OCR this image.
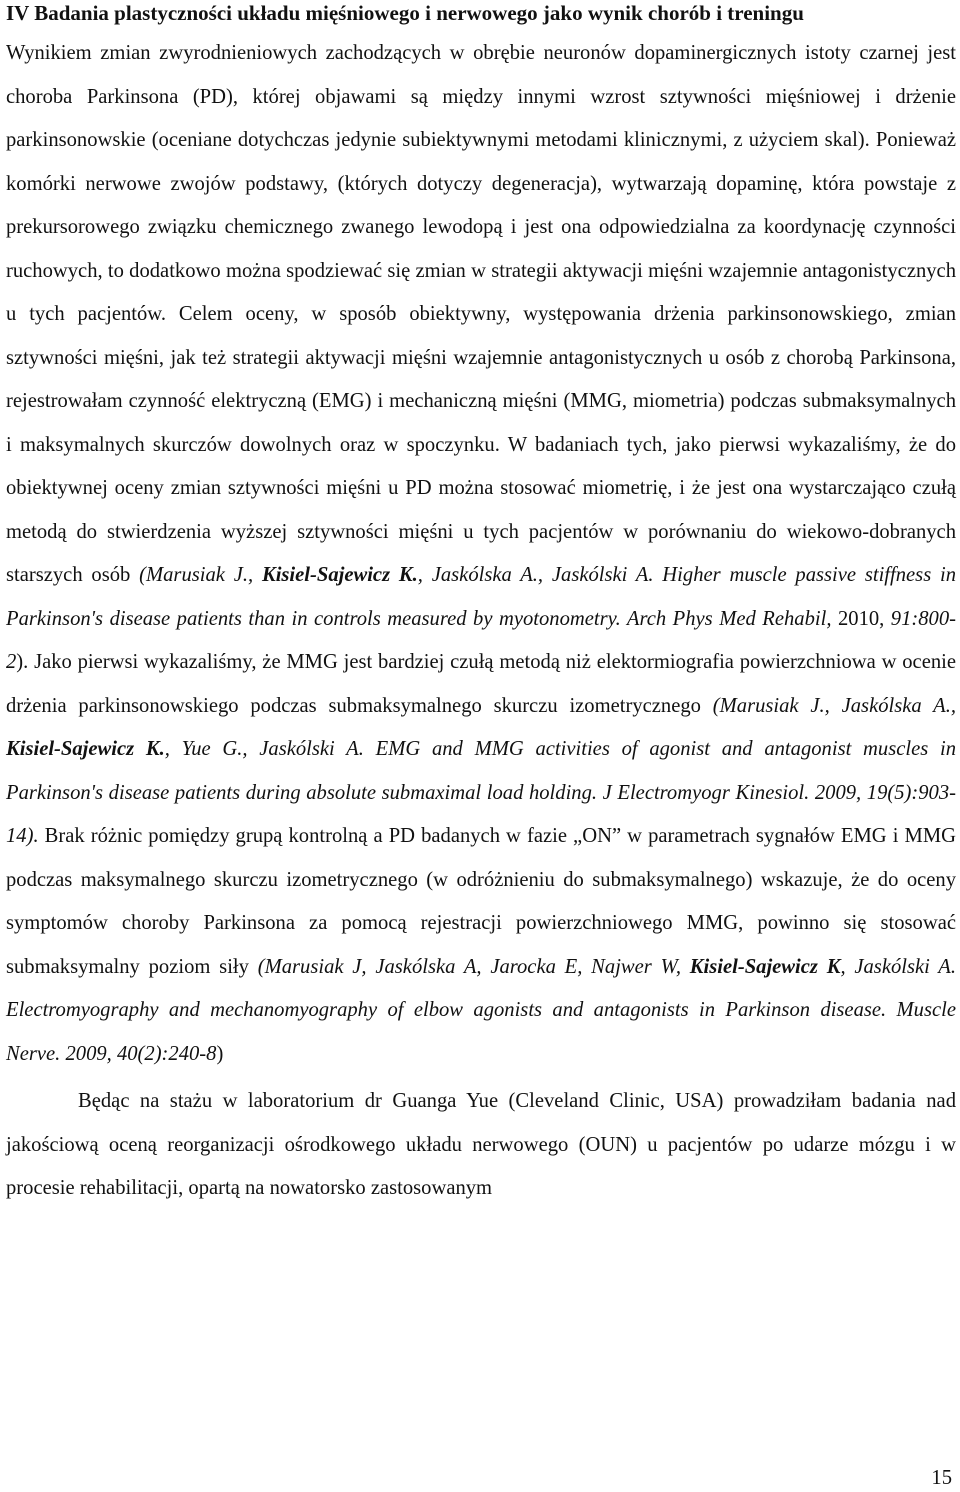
IV Badania plastyczności układu mięśniowego i nerwowego jako wynik chorób i treningu

Wynikiem zmian zwyrodnieniowych zachodzących w obrębie neuronów dopaminergicznych istoty czarnej jest choroba Parkinsona (PD), której objawami są między innymi wzrost sztywności mięśniowej i drżenie parkinsonowskie (oceniane dotychczas jedynie subiektywnymi metodami klinicznymi, z użyciem skal). Ponieważ komórki nerwowe zwojów podstawy, (których dotyczy degeneracja), wytwarzają dopaminę, która powstaje z prekursorowego związku chemicznego zwanego lewodopą i jest ona odpowiedzialna za koordynację czynności ruchowych, to dodatkowo można spodziewać się zmian w strategii aktywacji mięśni wzajemnie antagonistycznych u tych pacjentów. Celem oceny, w sposób obiektywny, występowania drżenia parkinsonowskiego, zmian sztywności mięśni, jak też strategii aktywacji mięśni wzajemnie antagonistycznych u osób z chorobą Parkinsona, rejestrowałam czynność elektryczną (EMG) i mechaniczną mięśni (MMG, miometria) podczas submaksymalnych i maksymalnych skurczów dowolnych oraz w spoczynku. W badaniach tych, jako pierwsi wykazaliśmy, że do obiektywnej oceny zmian sztywności mięśni u PD można stosować miometrię, i że jest ona wystarczająco czułą metodą do stwierdzenia wyższej sztywności mięśni u tych pacjentów w porównaniu do wiekowo-dobranych starszych osób (Marusiak J., Kisiel-Sajewicz K., Jaskólska A., Jaskólski A. Higher muscle passive stiffness in Parkinson's disease patients than in controls measured by myotonometry. Arch Phys Med Rehabil, 2010, 91:800-2). Jako pierwsi wykazaliśmy, że MMG jest bardziej czułą metodą niż elektormiografia powierzchniowa w ocenie drżenia parkinsonowskiego podczas submaksymalnego skurczu izometrycznego (Marusiak J., Jaskólska A., Kisiel-Sajewicz K., Yue G., Jaskólski A. EMG and MMG activities of agonist and antagonist muscles in Parkinson's disease patients during absolute submaximal load holding. J Electromyogr Kinesiol. 2009, 19(5):903-14). Brak różnic pomiędzy grupą kontrolną a PD badanych w fazie „ON” w parametrach sygnałów EMG i MMG podczas maksymalnego skurczu izometrycznego (w odróżnieniu do submaksymalnego) wskazuje, że do oceny symptomów choroby Parkinsona za pomocą rejestracji powierzchniowego MMG, powinno się stosować submaksymalny poziom siły (Marusiak J, Jaskólska A, Jarocka E, Najwer W, Kisiel-Sajewicz K, Jaskólski A. Electromyography and mechanomyography of elbow agonists and antagonists in Parkinson disease. Muscle Nerve. 2009, 40(2):240-8)

Będąc na stażu w laboratorium dr Guanga Yue (Cleveland Clinic, USA) prowadziłam badania nad jakościową oceną reorganizacji ośrodkowego układu nerwowego (OUN) u pacjentów po udarze mózgu i w procesie rehabilitacji, opartą na nowatorsko zastosowanym

15
